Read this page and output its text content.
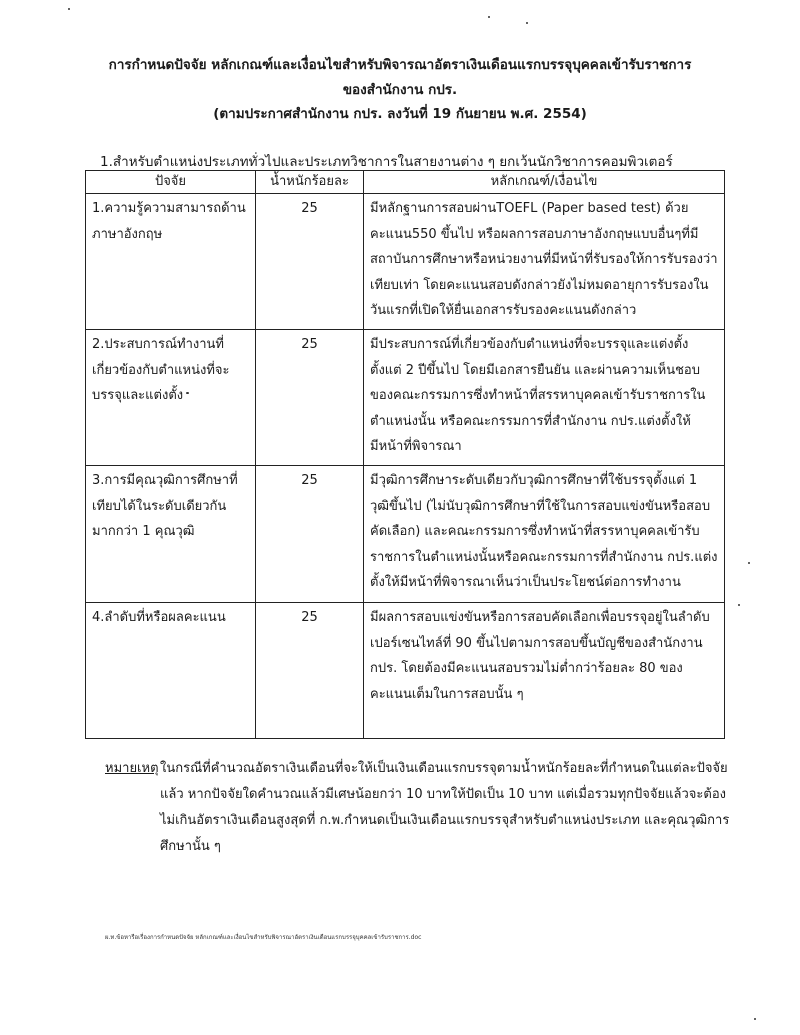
การกำหนดปัจจัย หลักเกณฑ์และเงื่อนไขสำหรับพิจารณาอัตราเงินเดือนแรกบรรจุบุคคลเข้ารับราชการ
ของสำนักงาน กปร.
(ตามประกาศสำนักงาน กปร. ลงวันที่ 19 กันยายน พ.ศ. 2554)
1.สำหรับตำแหน่งประเภททั่วไปและประเภทวิชาการในสายงานต่าง ๆ ยกเว้นนักวิชาการคอมพิวเตอร์
ปัจจัย	น้ำหนักร้อยละ	หลักเกณฑ์/เงื่อนไข
1.ความรู้ความสามารถด้านภาษาอังกฤษ	25	มีหลักฐานการสอบผ่านTOEFL (Paper based test) ด้วยคะแนน550 ขึ้นไป หรือผลการสอบภาษาอังกฤษแบบอื่นๆที่มีสถาบันการศึกษาหรือหน่วยงานที่มีหน้าที่รับรองให้การรับรองว่าเทียบเท่า โดยคะแนนสอบดังกล่าวยังไม่หมดอายุการรับรองในวันแรกที่เปิดให้ยื่นเอกสารรับรองคะแนนดังกล่าว
2.ประสบการณ์ทำงานที่เกี่ยวข้องกับตำแหน่งที่จะบรรจุและแต่งตั้ง	25	มีประสบการณ์ที่เกี่ยวข้องกับตำแหน่งที่จะบรรจุและแต่งตั้ง ตั้งแต่ 2 ปีขึ้นไป โดยมีเอกสารยืนยัน และผ่านความเห็นชอบของคณะกรรมการซึ่งทำหน้าที่สรรหาบุคคลเข้ารับราชการในตำแหน่งนั้น หรือคณะกรรมการที่สำนักงาน กปร.แต่งตั้งให้มีหน้าที่พิจารณา
3.การมีคุณวุฒิการศึกษาที่เทียบได้ในระดับเดียวกันมากกว่า 1 คุณวุฒิ	25	มีวุฒิการศึกษาระดับเดียวกับวุฒิการศึกษาที่ใช้บรรจุตั้งแต่ 1 วุฒิขึ้นไป (ไม่นับวุฒิการศึกษาที่ใช้ในการสอบแข่งขันหรือสอบคัดเลือก) และคณะกรรมการซึ่งทำหน้าที่สรรหาบุคคลเข้ารับราชการในตำแหน่งนั้นหรือคณะกรรมการที่สำนักงาน กปร.แต่งตั้งให้มีหน้าที่พิจารณาเห็นว่าเป็นประโยชน์ต่อการทำงาน
4.ลำดับที่หรือผลคะแนน	25	มีผลการสอบแข่งขันหรือการสอบคัดเลือกเพื่อบรรจุอยู่ในลำดับเปอร์เซนไทล์ที่ 90 ขึ้นไปตามการสอบขึ้นบัญชีของสำนักงาน กปร. โดยต้องมีคะแนนสอบรวมไม่ต่ำกว่าร้อยละ 80 ของคะแนนเต็มในการสอบนั้น ๆ
หมายเหตุ ในกรณีที่คำนวณอัตราเงินเดือนที่จะให้เป็นเงินเดือนแรกบรรจุตามน้ำหนักร้อยละที่กำหนดในแต่ละปัจจัยแล้ว หากปัจจัยใดคำนวณแล้วมีเศษน้อยกว่า 10 บาทให้ปัดเป็น 10 บาท แต่เมื่อรวมทุกปัจจัยแล้วจะต้องไม่เกินอัตราเงินเดือนสูงสุดที่ ก.พ.กำหนดเป็นเงินเดือนแรกบรรจุสำหรับตำแหน่งประเภท และคุณวุฒิการศึกษานั้น ๆ
ผ.ท.ข้อหารือเรื่องการกำหนดปัจจัย หลักเกณฑ์และเงื่อนไขสำหรับพิจารณาอัตราเงินเดือนแรกบรรจุบุคคลเข้ารับราชการ.doc
